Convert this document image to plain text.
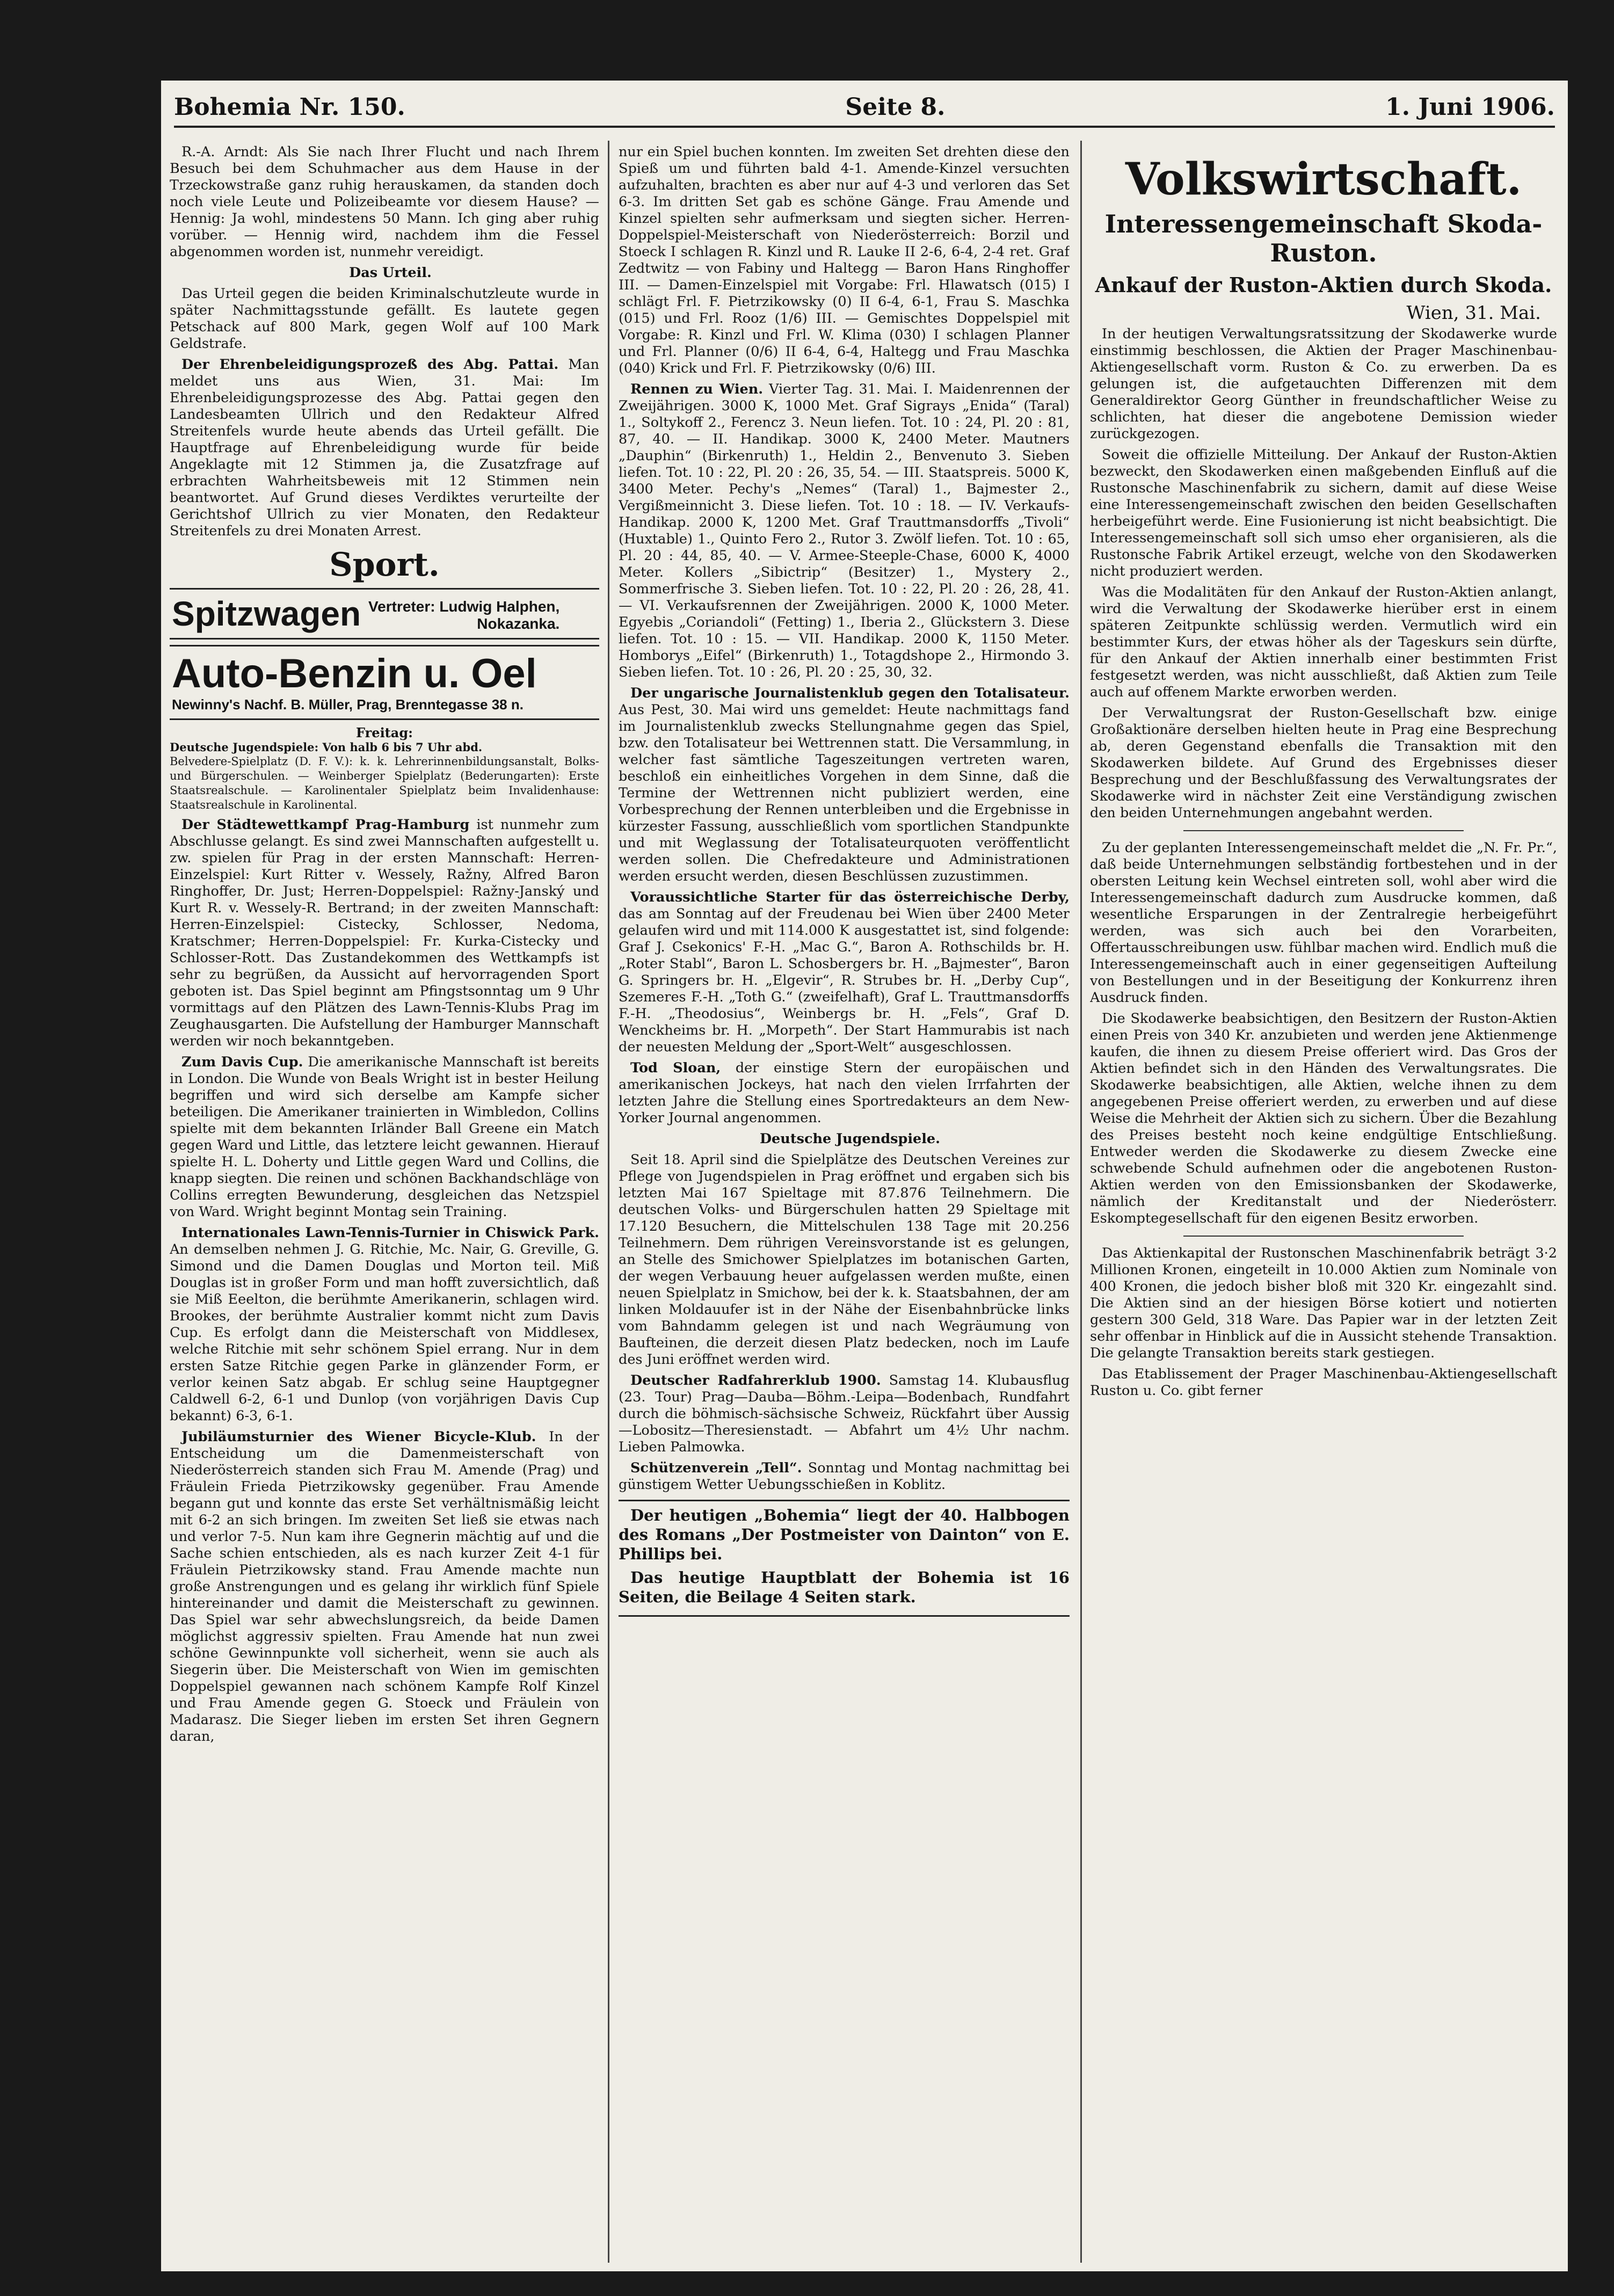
Bohemia Nr. 150.	Seite 8.	1. Juni 1906.

R.-A. Arndt: Als Sie nach Ihrer Flucht und nach Ihrem Besuch bei dem Schuhmacher aus dem Hause in der Trzeckowstraße ganz ruhig herauskamen, da standen doch noch viele Leute und Polizeibeamte vor diesem Hause? — Hennig: Ja wohl, mindestens 50 Mann. Ich ging aber ruhig vorüber. — Hennig wird, nachdem ihm die Fessel abgenommen worden ist, nunmehr vereidigt.

Das Urteil.

Das Urteil gegen die beiden Kriminalschutzleute wurde in später Nachmittagsstunde gefällt. Es lautete gegen Petschack auf 800 Mark, gegen Wolf auf 100 Mark Geldstrafe.

Der Ehrenbeleidigungsprozeß des Abg. Pattai. Man meldet uns aus Wien, 31. Mai: Im Ehrenbeleidigungsprozesse des Abg. Pattai gegen den Landesbeamten Ullrich und den Redakteur Alfred Streitenfels wurde heute abends das Urteil gefällt. Die Hauptfrage auf Ehrenbeleidigung wurde für beide Angeklagte mit 12 Stimmen ja, die Zusatzfrage auf erbrachten Wahrheitsbeweis mit 12 Stimmen nein beantwortet. Auf Grund dieses Verdiktes verurteilte der Gerichtshof Ullrich zu vier Monaten, den Redakteur Streitenfels zu drei Monaten Arrest.

Sport.
Spitzwagen Vertreter: Ludwig Halphen,
Nokazanka.
Auto-Benzin u. Oel
Newinny's Nachf. B. Müller, Prag, Brenntegasse 38 n.
Freitag:
Deutsche Jugendspiele: Von halb 6 bis 7 Uhr abd.
Belvedere-Spielplatz (D. F. V.): k. k. Lehrerinnenbildungsanstalt, Bolks- und Bürgerschulen. — Weinberger Spielplatz (Bederungarten): Erste Staatsrealschule. — Karolinentaler Spielplatz beim Invalidenhause: Staatsrealschule in Karolinental.

Der Städtewettkampf Prag-Hamburg ist nunmehr zum Abschlusse gelangt. Es sind zwei Mannschaften aufgestellt u. zw. spielen für Prag in der ersten Mannschaft: Herren-Einzelspiel: Kurt Ritter v. Wessely, Ražny, Alfred Baron Ringhoffer, Dr. Just; Herren-Doppelspiel: Ražny-Janský und Kurt R. v. Wessely-R. Bertrand; in der zweiten Mannschaft: Herren-Einzelspiel: Cistecky, Schlosser, Nedoma, Kratschmer; Herren-Doppelspiel: Fr. Kurka-Cistecky und Schlosser-Rott. Das Zustandekommen des Wettkampfs ist sehr zu begrüßen, da Aussicht auf hervorragenden Sport geboten ist. Das Spiel beginnt am Pfingstsonntag um 9 Uhr vormittags auf den Plätzen des Lawn-Tennis-Klubs Prag im Zeughausgarten. Die Aufstellung der Hamburger Mannschaft werden wir noch bekanntgeben.

Zum Davis Cup. Die amerikanische Mannschaft ist bereits in London. Die Wunde von Beals Wright ist in bester Heilung begriffen und wird sich derselbe am Kampfe sicher beteiligen. Die Amerikaner trainierten in Wimbledon, Collins spielte mit dem bekannten Irländer Ball Greene ein Match gegen Ward und Little, das letztere leicht gewannen. Hierauf spielte H. L. Doherty und Little gegen Ward und Collins, die knapp siegten. Die reinen und schönen Backhandschläge von Collins erregten Bewunderung, desgleichen das Netzspiel von Ward. Wright beginnt Montag sein Training.

Internationales Lawn-Tennis-Turnier in Chiswick Park. An demselben nehmen J. G. Ritchie, Mc. Nair, G. Greville, G. Simond und die Damen Douglas und Morton teil. Miß Douglas ist in großer Form und man hofft zuversichtlich, daß sie Miß Eeelton, die berühmte Amerikanerin, schlagen wird. Brookes, der berühmte Australier kommt nicht zum Davis Cup. Es erfolgt dann die Meisterschaft von Middlesex, welche Ritchie mit sehr schönem Spiel errang. Nur in dem ersten Satze Ritchie gegen Parke in glänzender Form, er verlor keinen Satz abgab. Er schlug seine Hauptgegner Caldwell 6-2, 6-1 und Dunlop (von vorjährigen Davis Cup bekannt) 6-3, 6-1.

Jubiläumsturnier des Wiener Bicycle-Klub. In der Entscheidung um die Damenmeisterschaft von Niederösterreich standen sich Frau M. Amende (Prag) und Fräulein Frieda Pietrzikowsky gegenüber. Frau Amende begann gut und konnte das erste Set verhältnismäßig leicht mit 6-2 an sich bringen. Im zweiten Set ließ sie etwas nach und verlor 7-5. Nun kam ihre Gegnerin mächtig auf und die Sache schien entschieden, als es nach kurzer Zeit 4-1 für Fräulein Pietrzikowsky stand. Frau Amende machte nun große Anstrengungen und es gelang ihr wirklich fünf Spiele hintereinander und damit die Meisterschaft zu gewinnen. Das Spiel war sehr abwechslungsreich, da beide Damen möglichst aggressiv spielten. Frau Amende hat nun zwei schöne Gewinnpunkte voll sicherheit, wenn sie auch als Siegerin über. Die Meisterschaft von Wien im gemischten Doppelspiel gewannen nach schönem Kampfe Rolf Kinzel und Frau Amende gegen G. Stoeck und Fräulein von Madarasz. Die Sieger lieben im ersten Set ihren Gegnern daran,

nur ein Spiel buchen konnten. Im zweiten Set drehten diese den Spieß um und führten bald 4-1. Amende-Kinzel versuchten aufzuhalten, brachten es aber nur auf 4-3 und verloren das Set 6-3. Im dritten Set gab es schöne Gänge. Frau Amende und Kinzel spielten sehr aufmerksam und siegten sicher. Herren-Doppelspiel-Meisterschaft von Niederösterreich: Borzil und Stoeck I schlagen R. Kinzl und R. Lauke II 2-6, 6-4, 2-4 ret. Graf Zedtwitz — von Fabiny und Haltegg — Baron Hans Ringhoffer III. — Damen-Einzelspiel mit Vorgabe: Frl. Hlawatsch (015) I schlägt Frl. F. Pietrzikowsky (0) II 6-4, 6-1, Frau S. Maschka (015) und Frl. Rooz (1/6) III. — Gemischtes Doppelspiel mit Vorgabe: R. Kinzl und Frl. W. Klima (030) I schlagen Planner und Frl. Planner (0/6) II 6-4, 6-4, Haltegg und Frau Maschka (040) Krick und Frl. F. Pietrzikowsky (0/6) III.

Rennen zu Wien. Vierter Tag. 31. Mai. I. Maidenrennen der Zweijährigen. 3000 K, 1000 Met. Graf Sigrays „Enida“ (Taral) 1., Soltykoff 2., Ferencz 3. Neun liefen. Tot. 10 : 24, Pl. 20 : 81, 87, 40. — II. Handikap. 3000 K, 2400 Meter. Mautners „Dauphin“ (Birkenruth) 1., Heldin 2., Benvenuto 3. Sieben liefen. Tot. 10 : 22, Pl. 20 : 26, 35, 54. — III. Staatspreis. 5000 K, 3400 Meter. Pechy's „Nemes“ (Taral) 1., Bajmester 2., Vergißmeinnicht 3. Diese liefen. Tot. 10 : 18. — IV. Verkaufs-Handikap. 2000 K, 1200 Met. Graf Trauttmansdorffs „Tivoli“ (Huxtable) 1., Quinto Fero 2., Rutor 3. Zwölf liefen. Tot. 10 : 65, Pl. 20 : 44, 85, 40. — V. Armee-Steeple-Chase, 6000 K, 4000 Meter. Kollers „Sibictrip“ (Besitzer) 1., Mystery 2., Sommerfrische 3. Sieben liefen. Tot. 10 : 22, Pl. 20 : 26, 28, 41. — VI. Verkaufsrennen der Zweijährigen. 2000 K, 1000 Meter. Egyebis „Coriandoli“ (Fetting) 1., Iberia 2., Glückstern 3. Diese liefen. Tot. 10 : 15. — VII. Handikap. 2000 K, 1150 Meter. Homborys „Eifel“ (Birkenruth) 1., Totagdshope 2., Hirmondo 3. Sieben liefen. Tot. 10 : 26, Pl. 20 : 25, 30, 32.

Der ungarische Journalistenklub gegen den Totalisateur. Aus Pest, 30. Mai wird uns gemeldet: Heute nachmittags fand im Journalistenklub zwecks Stellungnahme gegen das Spiel, bzw. den Totalisateur bei Wettrennen statt. Die Versammlung, in welcher fast sämtliche Tageszeitungen vertreten waren, beschloß ein einheitliches Vorgehen in dem Sinne, daß die Termine der Wettrennen nicht publiziert werden, eine Vorbesprechung der Rennen unterbleiben und die Ergebnisse in kürzester Fassung, ausschließlich vom sportlichen Standpunkte und mit Weglassung der Totalisateurquoten veröffentlicht werden sollen. Die Chefredakteure und Administrationen werden ersucht werden, diesen Beschlüssen zuzustimmen.

Voraussichtliche Starter für das österreichische Derby, das am Sonntag auf der Freudenau bei Wien über 2400 Meter gelaufen wird und mit 114.000 K ausgestattet ist, sind folgende: Graf J. Csekonics' F.-H. „Mac G.“, Baron A. Rothschilds br. H. „Roter Stabl“, Baron L. Schosbergers br. H. „Bajmester“, Baron G. Springers br. H. „Elgevir“, R. Strubes br. H. „Derby Cup“, Szemeres F.-H. „Toth G.“ (zweifelhaft), Graf L. Trauttmansdorffs F.-H. „Theodosius“, Weinbergs br. H. „Fels“, Graf D. Wenckheims br. H. „Morpeth“. Der Start Hammurabis ist nach der neuesten Meldung der „Sport-Welt“ ausgeschlossen.

Tod Sloan, der einstige Stern der europäischen und amerikanischen Jockeys, hat nach den vielen Irrfahrten der letzten Jahre die Stellung eines Sportredakteurs an dem New-Yorker Journal angenommen.

Deutsche Jugendspiele.

Seit 18. April sind die Spielplätze des Deutschen Vereines zur Pflege von Jugendspielen in Prag eröffnet und ergaben sich bis letzten Mai 167 Spieltage mit 87.876 Teilnehmern. Die deutschen Volks- und Bürgerschulen hatten 29 Spieltage mit 17.120 Besuchern, die Mittelschulen 138 Tage mit 20.256 Teilnehmern. Dem rührigen Vereinsvorstande ist es gelungen, an Stelle des Smichower Spielplatzes im botanischen Garten, der wegen Verbauung heuer aufgelassen werden mußte, einen neuen Spielplatz in Smichow, bei der k. k. Staatsbahnen, der am linken Moldauufer ist in der Nähe der Eisenbahnbrücke links vom Bahndamm gelegen ist und nach Wegräumung von Baufteinen, die derzeit diesen Platz bedecken, noch im Laufe des Juni eröffnet werden wird.

Deutscher Radfahrerklub 1900. Samstag 14. Klubausflug (23. Tour) Prag—Dauba—Böhm.-Leipa—Bodenbach, Rundfahrt durch die böhmisch-sächsische Schweiz, Rückfahrt über Aussig—Lobositz—Theresienstadt. — Abfahrt um 4½ Uhr nachm. Lieben Palmowka.

Schützenverein „Tell“. Sonntag und Montag nachmittag bei günstigem Wetter Uebungsschießen in Koblitz.

Der heutigen „Bohemia“ liegt der 40. Halbbogen des Romans „Der Postmeister von Dainton“ von E. Phillips bei.

Das heutige Hauptblatt der Bohemia ist 16 Seiten, die Beilage 4 Seiten stark.

Volkswirtschaft.
Interessengemeinschaft Skoda-Ruston.
Ankauf der Ruston-Aktien durch Skoda.
Wien, 31. Mai.

In der heutigen Verwaltungsratssitzung der Skodawerke wurde einstimmig beschlossen, die Aktien der Prager Maschinenbau-Aktiengesellschaft vorm. Ruston & Co. zu erwerben. Da es gelungen ist, die aufgetauchten Differenzen mit dem Generaldirektor Georg Günther in freundschaftlicher Weise zu schlichten, hat dieser die angebotene Demission wieder zurückgezogen.

Soweit die offizielle Mitteilung. Der Ankauf der Ruston-Aktien bezweckt, den Skodawerken einen maßgebenden Einfluß auf die Rustonsche Maschinenfabrik zu sichern, damit auf diese Weise eine Interessengemeinschaft zwischen den beiden Gesellschaften herbeigeführt werde. Eine Fusionierung ist nicht beabsichtigt. Die Interessengemeinschaft soll sich umso eher organisieren, als die Rustonsche Fabrik Artikel erzeugt, welche von den Skodawerken nicht produziert werden.

Was die Modalitäten für den Ankauf der Ruston-Aktien anlangt, wird die Verwaltung der Skodawerke hierüber erst in einem späteren Zeitpunkte schlüssig werden. Vermutlich wird ein bestimmter Kurs, der etwas höher als der Tageskurs sein dürfte, für den Ankauf der Aktien innerhalb einer bestimmten Frist festgesetzt werden, was nicht ausschließt, daß Aktien zum Teile auch auf offenem Markte erworben werden.

Der Verwaltungsrat der Ruston-Gesellschaft bzw. einige Großaktionäre derselben hielten heute in Prag eine Besprechung ab, deren Gegenstand ebenfalls die Transaktion mit den Skodawerken bildete. Auf Grund des Ergebnisses dieser Besprechung und der Beschlußfassung des Verwaltungsrates der Skodawerke wird in nächster Zeit eine Verständigung zwischen den beiden Unternehmungen angebahnt werden.

Zu der geplanten Interessengemeinschaft meldet die „N. Fr. Pr.“, daß beide Unternehmungen selbständig fortbestehen und in der obersten Leitung kein Wechsel eintreten soll, wohl aber wird die Interessengemeinschaft dadurch zum Ausdrucke kommen, daß wesentliche Ersparungen in der Zentralregie herbeigeführt werden, was sich auch bei den Vorarbeiten, Offertausschreibungen usw. fühlbar machen wird. Endlich muß die Interessengemeinschaft auch in einer gegenseitigen Aufteilung von Bestellungen und in der Beseitigung der Konkurrenz ihren Ausdruck finden.

Die Skodawerke beabsichtigen, den Besitzern der Ruston-Aktien einen Preis von 340 Kr. anzubieten und werden jene Aktienmenge kaufen, die ihnen zu diesem Preise offeriert wird. Das Gros der Aktien befindet sich in den Händen des Verwaltungsrates. Die Skodawerke beabsichtigen, alle Aktien, welche ihnen zu dem angegebenen Preise offeriert werden, zu erwerben und auf diese Weise die Mehrheit der Aktien sich zu sichern. Über die Bezahlung des Preises besteht noch keine endgültige Entschließung. Entweder werden die Skodawerke zu diesem Zwecke eine schwebende Schuld aufnehmen oder die angebotenen Ruston-Aktien werden von den Emissionsbanken der Skodawerke, nämlich der Kreditanstalt und der Niederösterr. Eskomptegesellschaft für den eigenen Besitz erworben.

Das Aktienkapital der Rustonschen Maschinenfabrik beträgt 3·2 Millionen Kronen, eingeteilt in 10.000 Aktien zum Nominale von 400 Kronen, die jedoch bisher bloß mit 320 Kr. eingezahlt sind. Die Aktien sind an der hiesigen Börse kotiert und notierten gestern 300 Geld, 318 Ware. Das Papier war in der letzten Zeit sehr offenbar in Hinblick auf die in Aussicht stehende Transaktion. Die gelangte Transaktion bereits stark gestiegen.

Das Etablissement der Prager Maschinenbau-Aktiengesellschaft Ruston u. Co. gibt ferner
